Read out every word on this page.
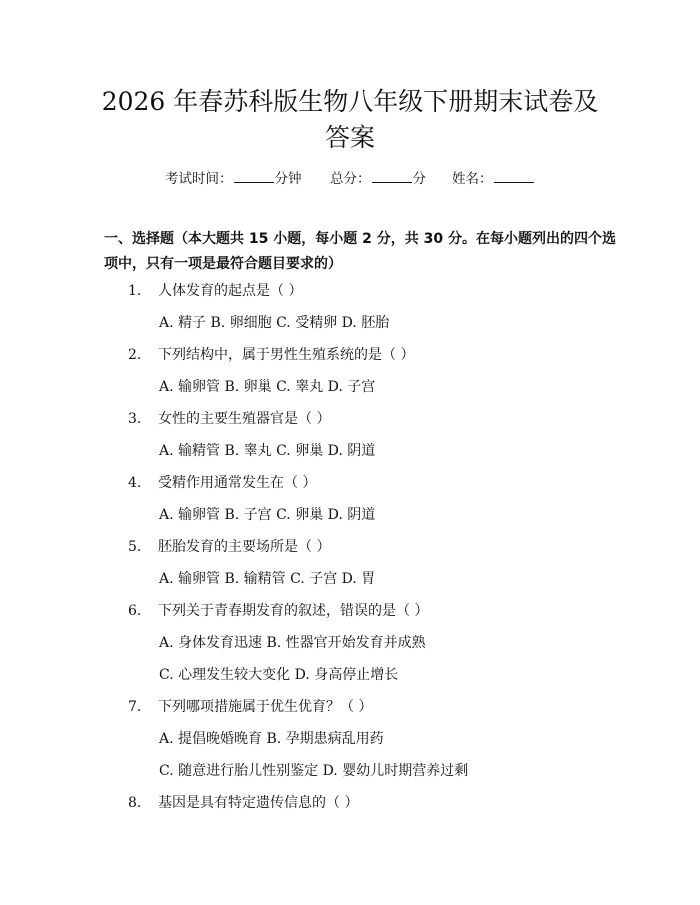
2026 年春苏科版生物八年级下册期末试卷及
答案
考试时间：	分钟 总分：	分 姓名：
一、选择题（本大题共 15 小题，每小题 2 分，共 30 分。在每小题列出的四个选
项中，只有一项是最符合题目要求的）
1. 人体发育的起点是（ ）
A. 精子 B. 卵细胞 C. 受精卵 D. 胚胎
2. 下列结构中，属于男性生殖系统的是（ ）
A. 输卵管 B. 卵巢 C. 睾丸 D. 子宫
3. 女性的主要生殖器官是（ ）
A. 输精管 B. 睾丸 C. 卵巢 D. 阴道
4. 受精作用通常发生在（ ）
A. 输卵管 B. 子宫 C. 卵巢 D. 阴道
5. 胚胎发育的主要场所是（ ）
A. 输卵管 B. 输精管 C. 子宫 D. 胃
6. 下列关于青春期发育的叙述，错误的是（ ）
A. 身体发育迅速 B. 性器官开始发育并成熟
C. 心理发生较大变化 D. 身高停止增长
7. 下列哪项措施属于优生优育？（ ）
A. 提倡晚婚晚育 B. 孕期患病乱用药
C. 随意进行胎儿性别鉴定 D. 婴幼儿时期营养过剩
8. 基因是具有特定遗传信息的（ ）
